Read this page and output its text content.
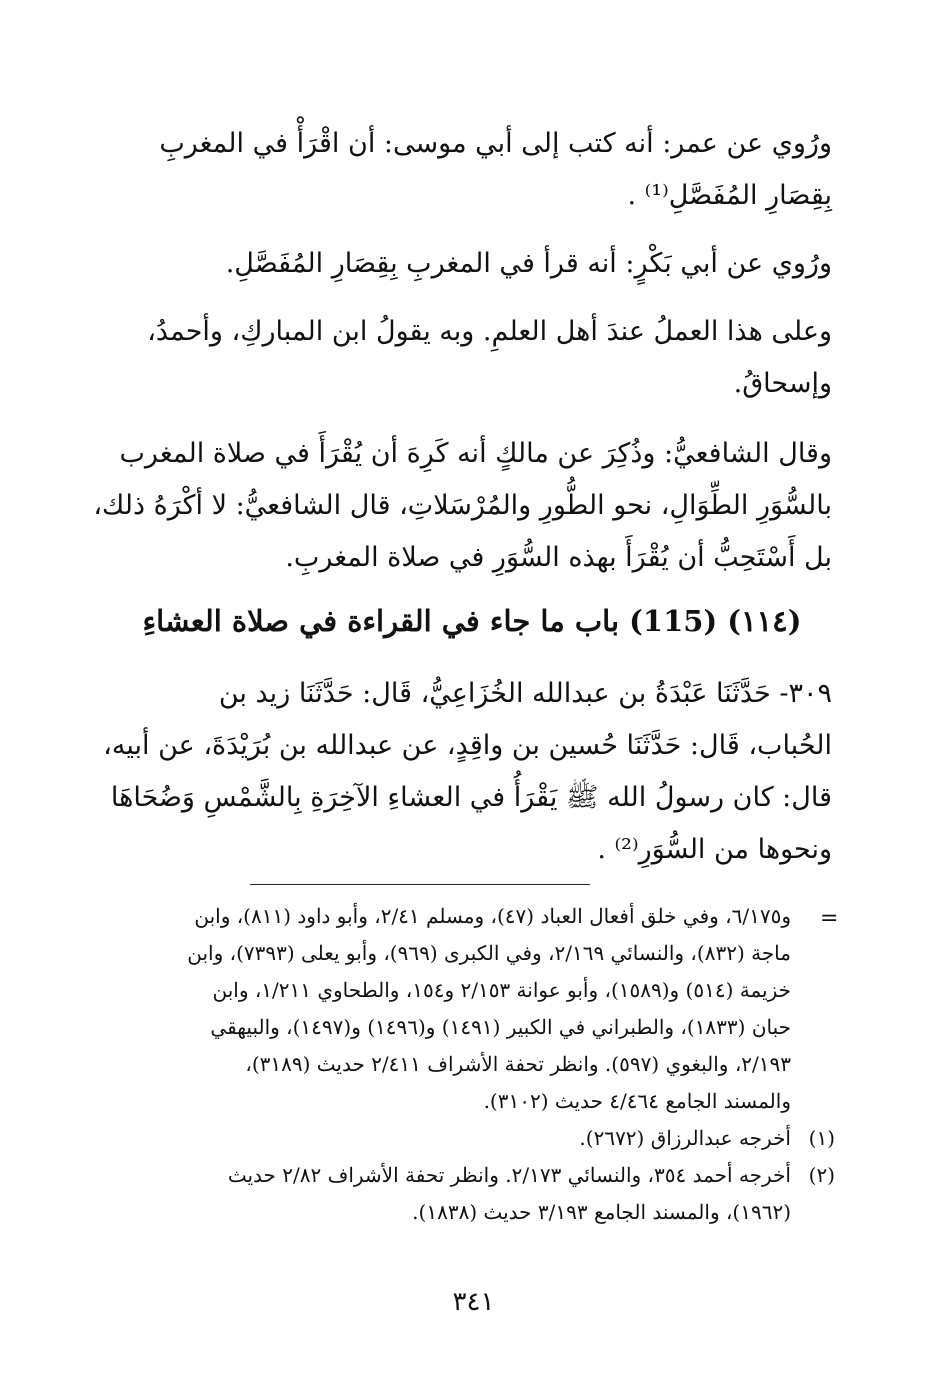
ورُوي عن عمر: أنه كتب إلى أبي موسى: أن اقْرَأْ في المغربِ
بِقِصَارِ المُفَصَّلِ⁽¹⁾ .
ورُوي عن أبي بَكْرٍ: أنه قرأ في المغربِ بِقِصَارِ المُفَصَّلِ.
وعلى هذا العملُ عندَ أهل العلمِ. وبه يقولُ ابن المباركِ، وأحمدُ،
وإسحاقُ.
وقال الشافعيُّ: وذُكِرَ عن مالكٍ أنه كَرِهَ أن يُقْرَأَ في صلاة المغرب
بالسُّوَرِ الطِّوَالِ، نحو الطُّورِ والمُرْسَلاتِ، قال الشافعيُّ: لا أكْرَهُ ذلك،
بل أَسْتَحِبُّ أن يُقْرَأَ بهذه السُّوَرِ في صلاة المغربِ.
(١١٤) (115) باب ما جاء في القراءة في صلاة العشاءِ
٣٠٩- حَدَّثَنَا عَبْدَةُ بن عبدالله الخُزَاعِيُّ، قَال: حَدَّثَنَا زيد بن
الحُباب، قَال: حَدَّثَنَا حُسين بن واقِدٍ، عن عبدالله بن بُرَيْدَةَ، عن أبيه،
قال: كان رسولُ الله ﷺ يَقْرَأُ في العشاءِ الآخِرَةِ بِالشَّمْسِ وَضُحَاهَا
ونحوها من السُّوَرِ⁽²⁾ .
=
و٦/١٧٥، وفي خلق أفعال العباد (٤٧)، ومسلم ٢/٤١، وأبو داود (٨١١)، وابن
ماجة (٨٣٢)، والنسائي ٢/١٦٩، وفي الكبرى (٩٦٩)، وأبو يعلى (٧٣٩٣)، وابن
خزيمة (٥١٤) و(١٥٨٩)، وأبو عوانة ٢/١٥٣ و١٥٤، والطحاوي ١/٢١١، وابن
حبان (١٨٣٣)، والطبراني في الكبير (١٤٩١) و(١٤٩٦) و(١٤٩٧)، والبيهقي
٢/١٩٣، والبغوي (٥٩٧). وانظر تحفة الأشراف ٢/٤١١ حديث (٣١٨٩)،
والمسند الجامع ٤/٤٦٤ حديث (٣١٠٢).
(١)
أخرجه عبدالرزاق (٢٦٧٢).
(٢)
أخرجه أحمد ٣٥٤، والنسائي ٢/١٧٣. وانظر تحفة الأشراف ٢/٨٢ حديث
(١٩٦٢)، والمسند الجامع ٣/١٩٣ حديث (١٨٣٨).
٣٤١
